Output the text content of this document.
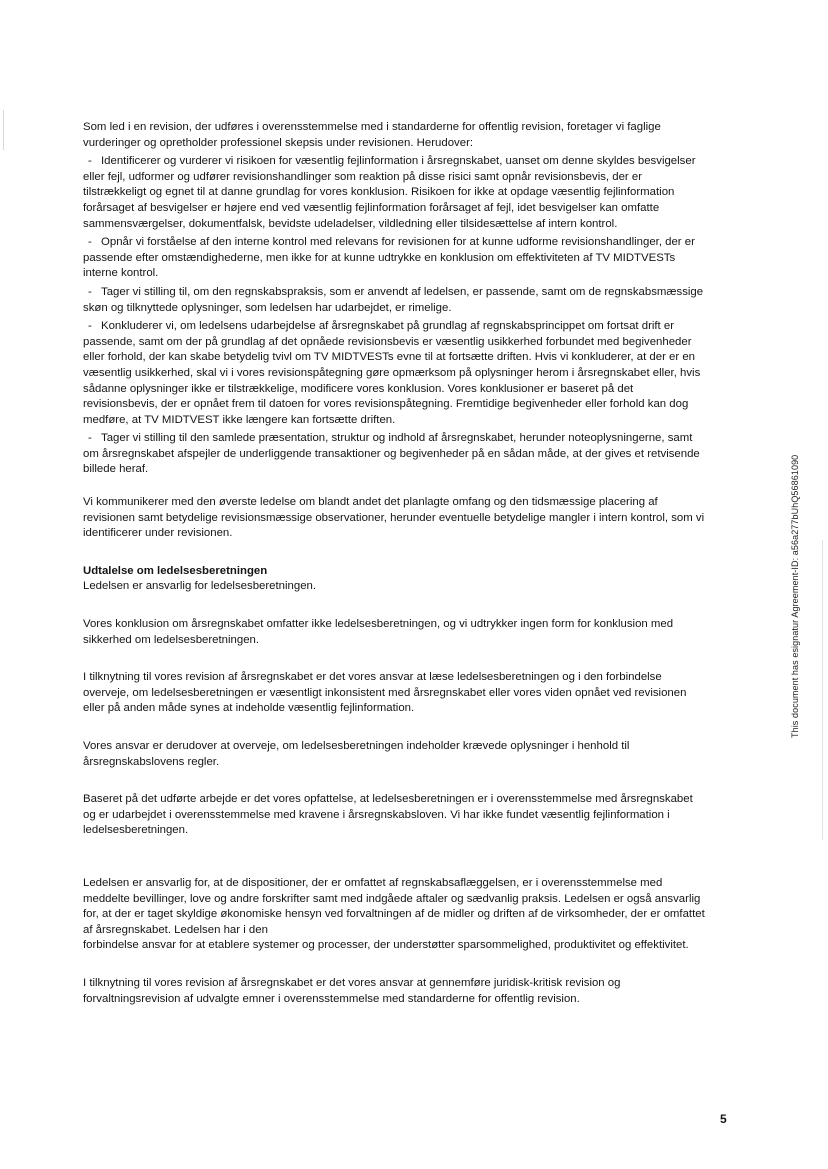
Som led i en revision, der udføres i overensstemmelse med i standarderne for offentlig revision, foretager vi faglige vurderinger og opretholder professionel skepsis under revisionen. Herudover:

- Identificerer og vurderer vi risikoen for væsentlig fejlinformation i årsregnskabet, uanset om denne skyldes besvigelser eller fejl, udformer og udfører revisionshandlinger som reaktion på disse risici samt opnår revisionsbevis, der er tilstrækkeligt og egnet til at danne grundlag for vores konklusion. Risikoen for ikke at opdage væsentlig fejlinformation forårsaget af besvigelser er højere end ved væsentlig fejlinformation forårsaget af fejl, idet besvigelser kan omfatte sammensværgelser, dokumentfalsk, bevidste udeladelser, vildledning eller tilsidesættelse af intern kontrol.

- Opnår vi forståelse af den interne kontrol med relevans for revisionen for at kunne udforme revisionshandlinger, der er passende efter omstændighederne, men ikke for at kunne udtrykke en konklusion om effektiviteten af TV MIDTVESTs interne kontrol.

- Tager vi stilling til, om den regnskabspraksis, som er anvendt af ledelsen, er passende, samt om de regnskabsmæssige skøn og tilknyttede oplysninger, som ledelsen har udarbejdet, er rimelige.

- Konkluderer vi, om ledelsens udarbejdelse af årsregnskabet på grundlag af regnskabsprincippet om fortsat drift er passende, samt om der på grundlag af det opnåede revisionsbevis er væsentlig usikkerhed forbundet med begivenheder eller forhold, der kan skabe betydelig tvivl om TV MIDTVESTs evne til at fortsætte driften. Hvis vi konkluderer, at der er en væsentlig usikkerhed, skal vi i vores revisionspåtegning gøre opmærksom på oplysninger herom i årsregnskabet eller, hvis sådanne oplysninger ikke er tilstrækkelige, modificere vores konklusion. Vores konklusioner er baseret på det revisionsbevis, der er opnået frem til datoen for vores revisionspåtegning. Fremtidige begivenheder eller forhold kan dog medføre, at TV MIDTVEST ikke længere kan fortsætte driften.

- Tager vi stilling til den samlede præsentation, struktur og indhold af årsregnskabet, herunder noteoplysningerne, samt om årsregnskabet afspejler de underliggende transaktioner og begivenheder på en sådan måde, at der gives et retvisende billede heraf.

Vi kommunikerer med den øverste ledelse om blandt andet det planlagte omfang og den tidsmæssige placering af revisionen samt betydelige revisionsmæssige observationer, herunder eventuelle betydelige mangler i intern kontrol, som vi identificerer under revisionen.

Udtalelse om ledelsesberetningen

Ledelsen er ansvarlig for ledelsesberetningen.

Vores konklusion om årsregnskabet omfatter ikke ledelsesberetningen, og vi udtrykker ingen form for konklusion med sikkerhed om ledelsesberetningen.

I tilknytning til vores revision af årsregnskabet er det vores ansvar at læse ledelsesberetningen og i den forbindelse overveje, om ledelsesberetningen er væsentligt inkonsistent med årsregnskabet eller vores viden opnået ved revisionen eller på anden måde synes at indeholde væsentlig fejlinformation.

Vores ansvar er derudover at overveje, om ledelsesberetningen indeholder krævede oplysninger i henhold til årsregnskabslovens regler.

Baseret på det udførte arbejde er det vores opfattelse, at ledelsesberetningen er i overensstemmelse med årsregnskabet og er udarbejdet i overensstemmelse med kravene i årsregnskabsloven. Vi har ikke fundet væsentlig fejlinformation i ledelsesberetningen.

Ledelsen er ansvarlig for, at de dispositioner, der er omfattet af regnskabsaflæggelsen, er i overensstemmelse med meddelte bevillinger, love og andre forskrifter samt med indgåede aftaler og sædvanlig praksis. Ledelsen er også ansvarlig for, at der er taget skyldige økonomiske hensyn ved forvaltningen af de midler og driften af de virksomheder, der er omfattet af årsregnskabet. Ledelsen har i den
forbindelse ansvar for at etablere systemer og processer, der understøtter sparsommelighed, produktivitet og effektivitet.

I tilknytning til vores revision af årsregnskabet er det vores ansvar at gennemføre juridisk-kritisk revision og forvaltningsrevision af udvalgte emner i overensstemmelse med standarderne for offentlig revision.

This document has esignatur Agreement-ID: a56a277bUhQ56861090
5
